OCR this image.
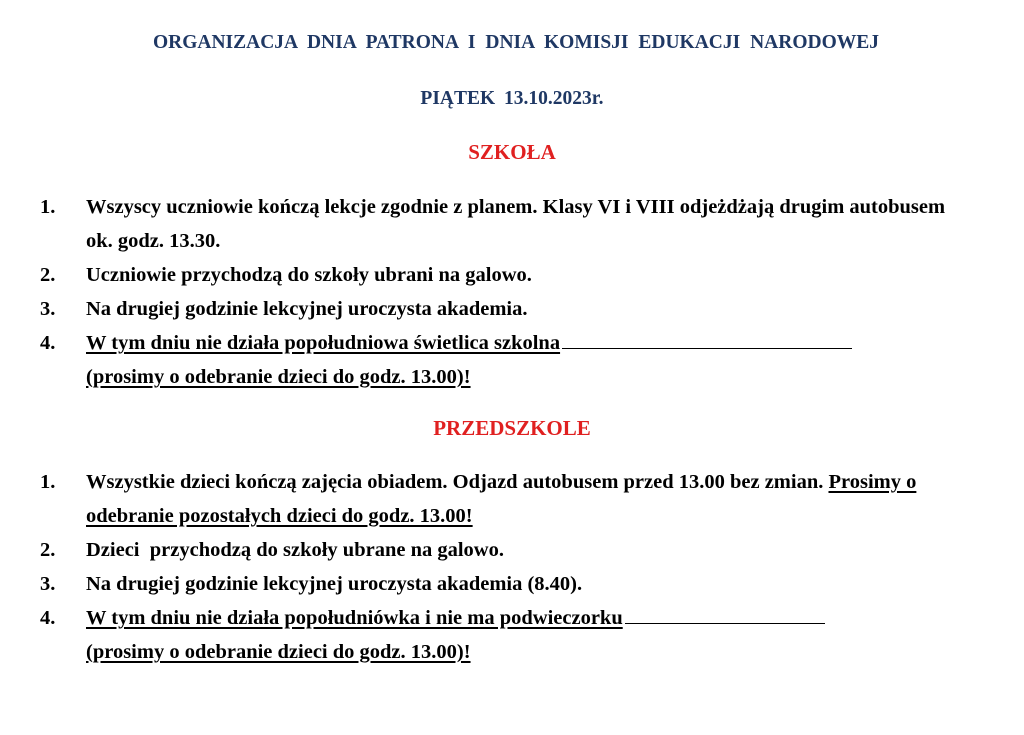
ORGANIZACJA DNIA PATRONA I DNIA KOMISJI EDUKACJI NARODOWEJ
PIĄTEK 13.10.2023r.
SZKOŁA
1. Wszyscy uczniowie kończą lekcje zgodnie z planem. Klasy VI i VIII odjeżdżają drugim autobusem ok. godz. 13.30.
2. Uczniowie przychodzą do szkoły ubrani na galowo.
3. Na drugiej godzinie lekcyjnej uroczysta akademia.
4. W tym dniu nie działa popołudniowa świetlica szkolna
(prosimy o odebranie dzieci do godz. 13.00)!
PRZEDSZKOLE
1. Wszystkie dzieci kończą zajęcia obiadem. Odjazd autobusem przed 13.00 bez zmian. Prosimy o odebranie pozostałych dzieci do godz. 13.00!
2. Dzieci  przychodzą do szkoły ubrane na galowo.
3. Na drugiej godzinie lekcyjnej uroczysta akademia (8.40).
4. W tym dniu nie działa popołudniówka i nie ma podwieczorku
(prosimy o odebranie dzieci do godz. 13.00)!
